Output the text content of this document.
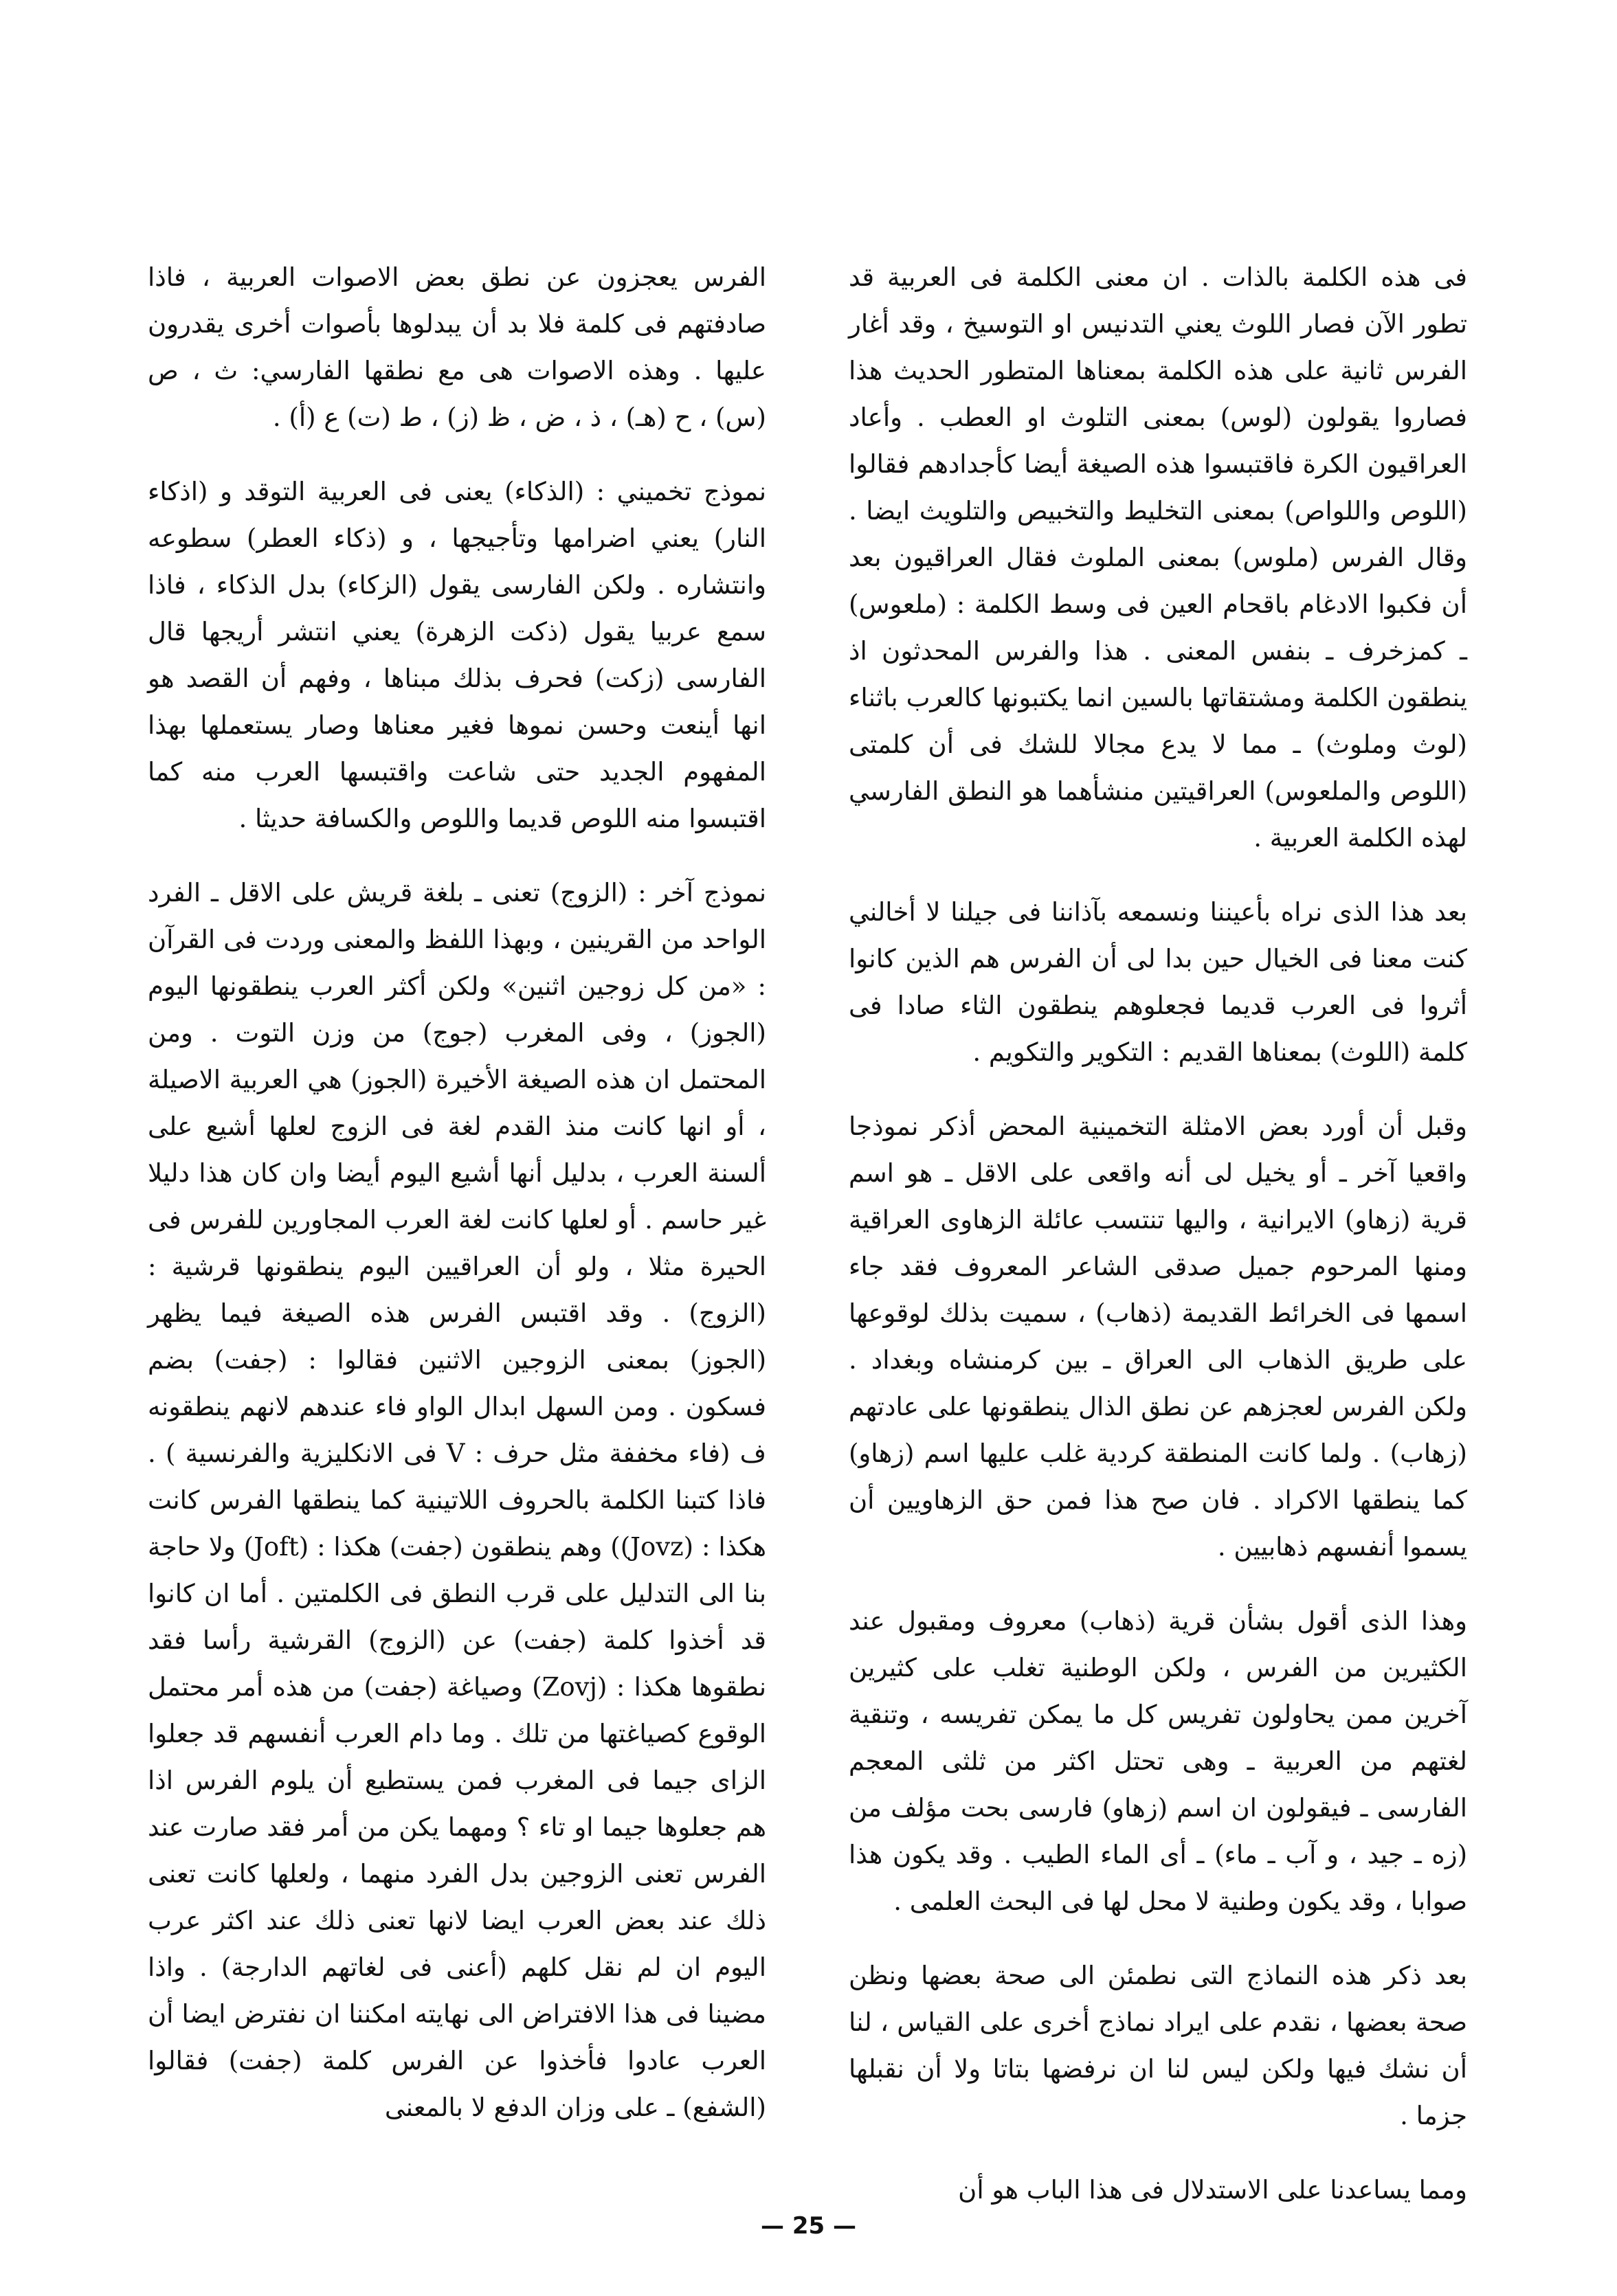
فى هذه الكلمة بالذات . ان معنى الكلمة فى العربية قد تطور الآن فصار اللوث يعني التدنيس او التوسيخ ، وقد أغار الفرس ثانية على هذه الكلمة بمعناها المتطور الحديث هذا فصاروا يقولون (لوس) بمعنى التلوث او العطب . وأعاد العراقيون الكرة فاقتبسوا هذه الصيغة أيضا كأجدادهم فقالوا (اللوص واللواص) بمعنى التخليط والتخبيص والتلويث ايضا . وقال الفرس (ملوس) بمعنى الملوث فقال العراقيون بعد أن فكبوا الادغام باقحام العين فى وسط الكلمة : (ملعوس) ـ كمزخرف ـ بنفس المعنى . هذا والفرس المحدثون اذ ينطقون الكلمة ومشتقاتها بالسين انما يكتبونها كالعرب باثناء (لوث وملوث) ـ مما لا يدع مجالا للشك فى أن كلمتى (اللوص والملعوس) العراقيتين منشأهما هو النطق الفارسي لهذه الكلمة العربية .

بعد هذا الذى نراه بأعيننا ونسمعه بآذاننا فى جيلنا لا أخالني كنت معنا فى الخيال حين بدا لى أن الفرس هم الذين كانوا أثروا فى العرب قديما فجعلوهم ينطقون الثاء صادا فى كلمة (اللوث) بمعناها القديم : التكوير والتكويم .

وقبل أن أورد بعض الامثلة التخمينية المحض أذكر نموذجا واقعيا آخر ـ أو يخيل لى أنه واقعى على الاقل ـ هو اسم قرية (زهاو) الايرانية ، واليها تنتسب عائلة الزهاوى العراقية ومنها المرحوم جميل صدقى الشاعر المعروف فقد جاء اسمها فى الخرائط القديمة (ذهاب) ، سميت بذلك لوقوعها على طريق الذهاب الى العراق ـ بين كرمنشاه وبغداد . ولكن الفرس لعجزهم عن نطق الذال ينطقونها على عادتهم (زهاب) . ولما كانت المنطقة كردية غلب عليها اسم (زهاو) كما ينطقها الاكراد . فان صح هذا فمن حق الزهاويين أن يسموا أنفسهم ذهابيين .

وهذا الذى أقول بشأن قرية (ذهاب) معروف ومقبول عند الكثيرين من الفرس ، ولكن الوطنية تغلب على كثيرين آخرين ممن يحاولون تفريس كل ما يمكن تفريسه ، وتنقية لغتهم من العربية ـ وهى تحتل اكثر من ثلثى المعجم الفارسى ـ فيقولون ان اسم (زهاو) فارسى بحت مؤلف من (زه ـ جيد ، و آب ـ ماء) ـ أى الماء الطيب . وقد يكون هذا صوابا ، وقد يكون وطنية لا محل لها فى البحث العلمى .

بعد ذكر هذه النماذج التى نطمئن الى صحة بعضها ونظن صحة بعضها ، نقدم على ايراد نماذج أخرى على القياس ، لنا أن نشك فيها ولكن ليس لنا ان نرفضها بتاتا ولا أن نقبلها جزما .

ومما يساعدنا على الاستدلال فى هذا الباب هو أن

الفرس يعجزون عن نطق بعض الاصوات العربية ، فاذا صادفتهم فى كلمة فلا بد أن يبدلوها بأصوات أخرى يقدرون عليها . وهذه الاصوات هى مع نطقها الفارسي: ث ، ص (س) ، ح (هـ) ، ذ ، ض ، ظ (ز) ، ط (ت) ع (أ) .

نموذج تخميني : (الذكاء) يعنى فى العربية التوقد و (اذكاء النار) يعني اضرامها وتأجيجها ، و (ذكاء العطر) سطوعه وانتشاره . ولكن الفارسى يقول (الزكاء) بدل الذكاء ، فاذا سمع عربيا يقول (ذكت الزهرة) يعني انتشر أريجها قال الفارسى (زكت) فحرف بذلك مبناها ، وفهم أن القصد هو انها أينعت وحسن نموها فغير معناها وصار يستعملها بهذا المفهوم الجديد حتى شاعت واقتبسها العرب منه كما اقتبسوا منه اللوص قديما واللوص والكسافة حديثا .

نموذج آخر : (الزوج) تعنى ـ بلغة قريش على الاقل ـ الفرد الواحد من القرينين ، وبهذا اللفظ والمعنى وردت فى القرآن : «من كل زوجين اثنين» ولكن أكثر العرب ينطقونها اليوم (الجوز) ، وفى المغرب (جوج) من وزن التوت . ومن المحتمل ان هذه الصيغة الأخيرة (الجوز) هي العربية الاصيلة ، أو انها كانت منذ القدم لغة فى الزوج لعلها أشيع على ألسنة العرب ، بدليل أنها أشيع اليوم أيضا وان كان هذا دليلا غير حاسم . أو لعلها كانت لغة العرب المجاورين للفرس فى الحيرة مثلا ، ولو أن العراقيين اليوم ينطقونها قرشية : (الزوج) . وقد اقتبس الفرس هذه الصيغة فيما يظهر (الجوز) بمعنى الزوجين الاثنين فقالوا : (جفت) بضم فسكون . ومن السهل ابدال الواو فاء عندهم لانهم ينطقونه ف (فاء مخففة مثل حرف : V فى الانكليزية والفرنسية ) . فاذا كتبنا الكلمة بالحروف اللاتينية كما ينطقها الفرس كانت هكذا : (Jovz)) وهم ينطقون (جفت) هكذا : (Joft) ولا حاجة بنا الى التدليل على قرب النطق فى الكلمتين . أما ان كانوا قد أخذوا كلمة (جفت) عن (الزوج) القرشية رأسا فقد نطقوها هكذا : (Zovj) وصياغة (جفت) من هذه أمر محتمل الوقوع كصياغتها من تلك . وما دام العرب أنفسهم قد جعلوا الزاى جيما فى المغرب فمن يستطيع أن يلوم الفرس اذا هم جعلوها جيما او تاء ؟ ومهما يكن من أمر فقد صارت عند الفرس تعنى الزوجين بدل الفرد منهما ، ولعلها كانت تعنى ذلك عند بعض العرب ايضا لانها تعنى ذلك عند اكثر عرب اليوم ان لم نقل كلهم (أعنى فى لغاتهم الدارجة) . واذا مضينا فى هذا الافتراض الى نهايته امكننا ان نفترض ايضا أن العرب عادوا فأخذوا عن الفرس كلمة (جفت) فقالوا (الشفع) ـ على وزان الدفع لا بالمعنى

— 25 —
